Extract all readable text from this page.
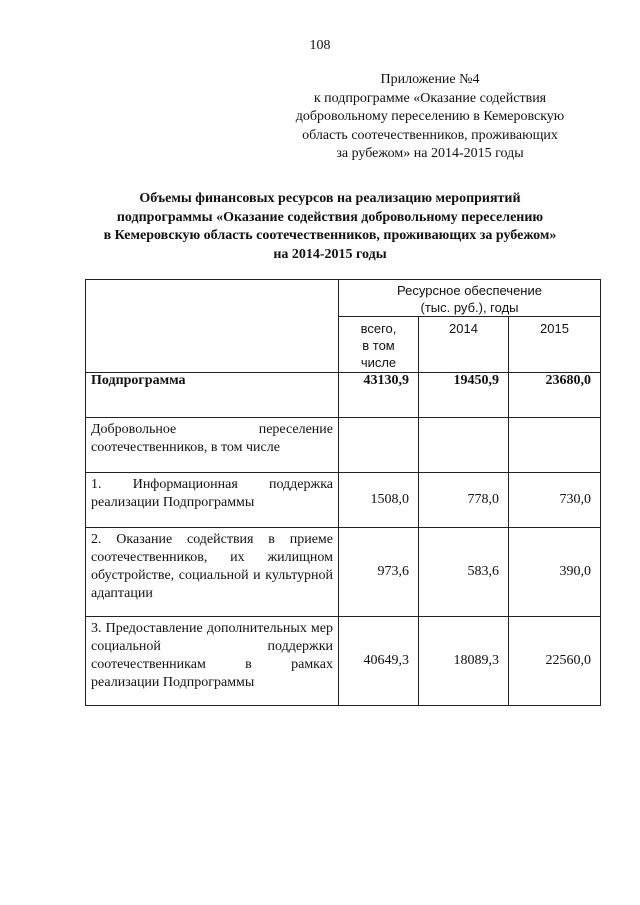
108
Приложение №4
к подпрограмме «Оказание содействия
добровольному переселению в Кемеровскую
область соотечественников, проживающих
за рубежом» на 2014-2015 годы
Объемы финансовых ресурсов на реализацию мероприятий
подпрограммы «Оказание содействия добровольному переселению
в Кемеровскую область соотечественников, проживающих за рубежом»
на 2014-2015 годы

	Ресурсное обеспечение
(тыс. руб.), годы		

	всего,
в том
числе	2014	2015
Подпрограмма	43130,9	19450,9	23680,0
Добровольное переселение соотечественников, в том числе			
1. Информационная поддержка реализации Подпрограммы	1508,0	778,0	730,0
2. Оказание содействия в приеме соотечественников, их жилищном обустройстве, социальной и культурной адаптации	973,6	583,6	390,0
3. Предоставление дополнительных мер социальной поддержки соотечественникам в рамках реализации Подпрограммы	40649,3	18089,3	22560,0
